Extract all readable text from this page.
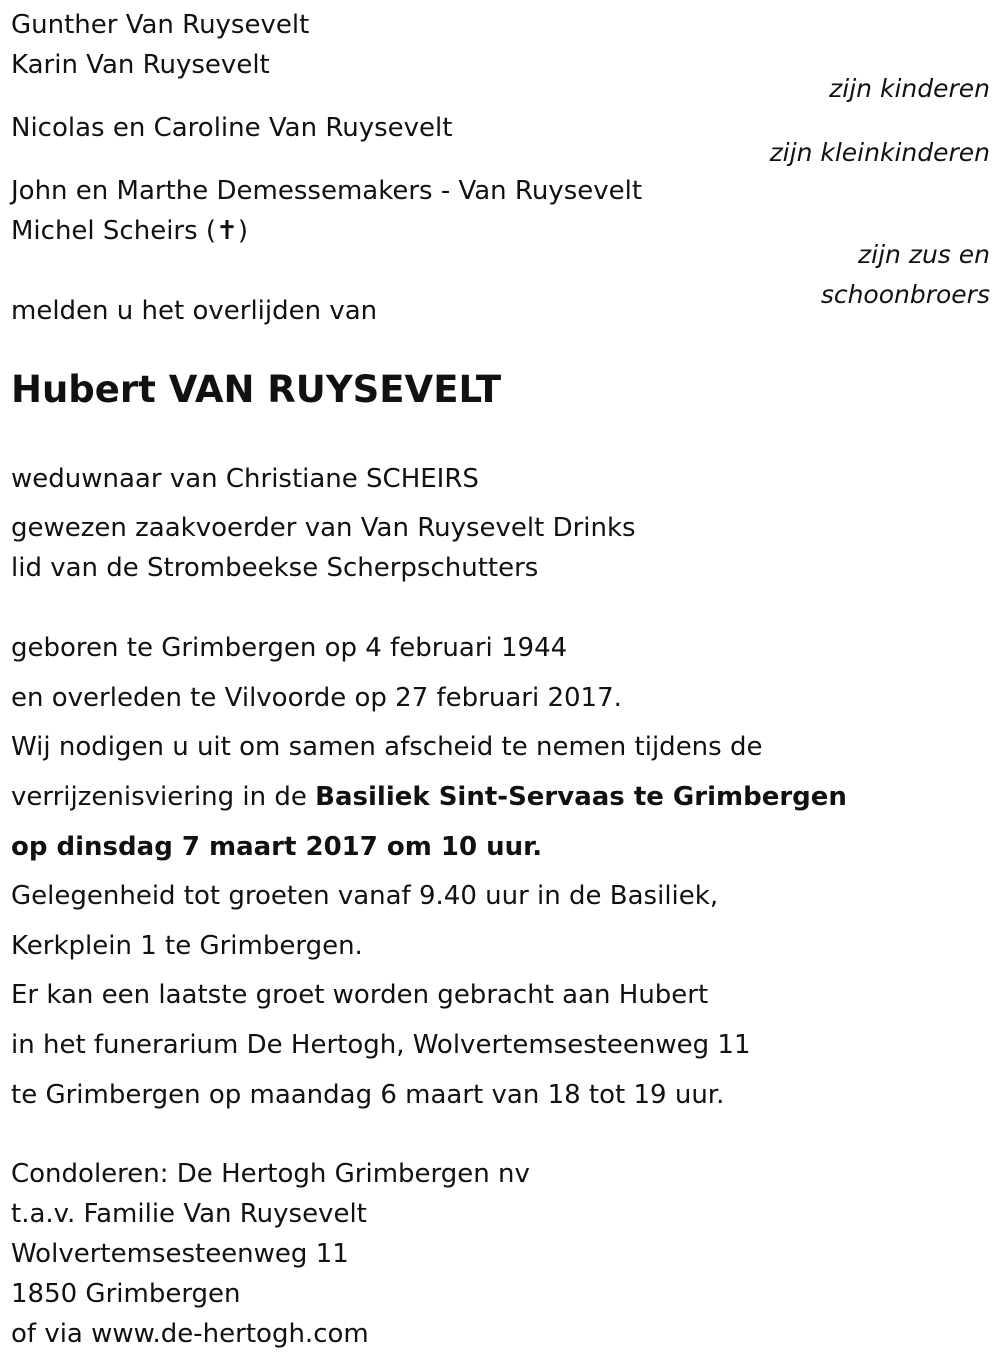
Gunther Van Ruysevelt
Karin Van Ruysevelt
zijn kinderen
Nicolas en Caroline Van Ruysevelt
zijn kleinkinderen
John en Marthe Demessemakers - Van Ruysevelt
Michel Scheirs (✝)
zijn zus en
schoonbroers
melden u het overlijden van
Hubert VAN RUYSEVELT
weduwnaar van Christiane SCHEIRS
gewezen zaakvoerder van Van Ruysevelt Drinks
lid van de Strombeekse Scherpschutters
geboren te Grimbergen op 4 februari 1944
en overleden te Vilvoorde op 27 februari 2017.
Wij nodigen u uit om samen afscheid te nemen tijdens de
verrijzenisviering in de Basiliek Sint-Servaas te Grimbergen
op dinsdag 7 maart 2017 om 10 uur.
Gelegenheid tot groeten vanaf 9.40 uur in de Basiliek,
Kerkplein 1 te Grimbergen.
Er kan een laatste groet worden gebracht aan Hubert
in het funerarium De Hertogh, Wolvertemsesteenweg 11
te Grimbergen op maandag 6 maart van 18 tot 19 uur.
Condoleren: De Hertogh Grimbergen nv
t.a.v. Familie Van Ruysevelt
Wolvertemsesteenweg 11
1850 Grimbergen
of via www.de-hertogh.com
